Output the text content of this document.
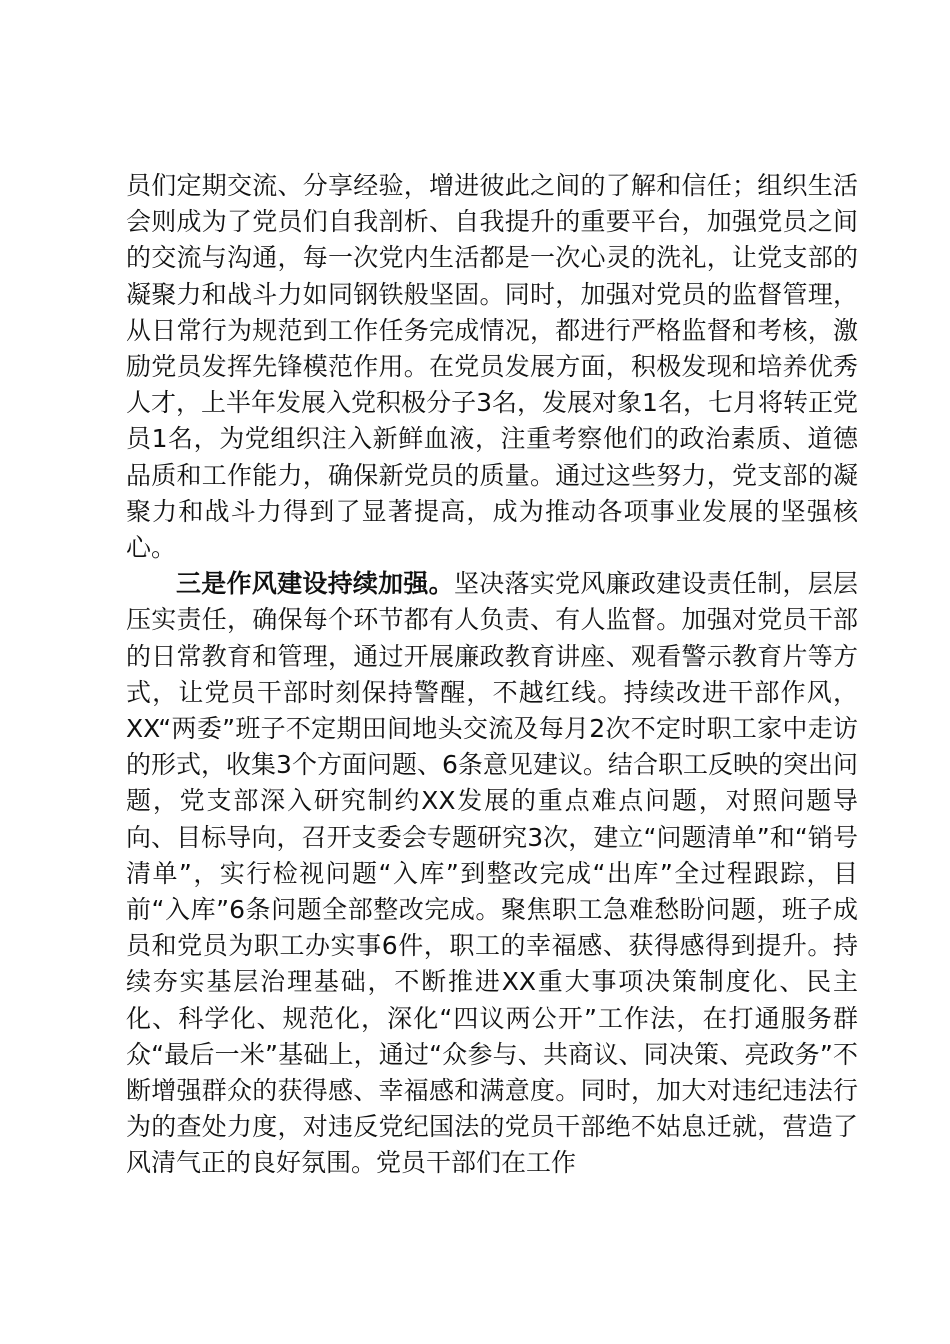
员们定期交流、分享经验，增进彼此之间的了解和信任；组织生活会则成为了党员们自我剖析、自我提升的重要平台，加强党员之间的交流与沟通，每一次党内生活都是一次心灵的洗礼，让党支部的凝聚力和战斗力如同钢铁般坚固。同时，加强对党员的监督管理，从日常行为规范到工作任务完成情况，都进行严格监督和考核，激励党员发挥先锋模范作用。在党员发展方面，积极发现和培养优秀人才，上半年发展入党积极分子3名，发展对象1名，七月将转正党员1名，为党组织注入新鲜血液，注重考察他们的政治素质、道德品质和工作能力，确保新党员的质量。通过这些努力，党支部的凝聚力和战斗力得到了显著提高，成为推动各项事业发展的坚强核心。

三是作风建设持续加强。坚决落实党风廉政建设责任制，层层压实责任，确保每个环节都有人负责、有人监督。加强对党员干部的日常教育和管理，通过开展廉政教育讲座、观看警示教育片等方式，让党员干部时刻保持警醒，不越红线。持续改进干部作风，XX“两委”班子不定期田间地头交流及每月2次不定时职工家中走访的形式，收集3个方面问题、6条意见建议。结合职工反映的突出问题，党支部深入研究制约XX发展的重点难点问题，对照问题导向、目标导向，召开支委会专题研究3次，建立“问题清单”和“销号清单”，实行检视问题“入库”到整改完成“出库”全过程跟踪，目前“入库”6条问题全部整改完成。聚焦职工急难愁盼问题，班子成员和党员为职工办实事6件，职工的幸福感、获得感得到提升。持续夯实基层治理基础，不断推进XX重大事项决策制度化、民主化、科学化、规范化，深化“四议两公开”工作法，在打通服务群众“最后一米”基础上，通过“众参与、共商议、同决策、亮政务”不断增强群众的获得感、幸福感和满意度。同时，加大对违纪违法行为的查处力度，对违反党纪国法的党员干部绝不姑息迁就，营造了风清气正的良好氛围。党员干部们在工作
